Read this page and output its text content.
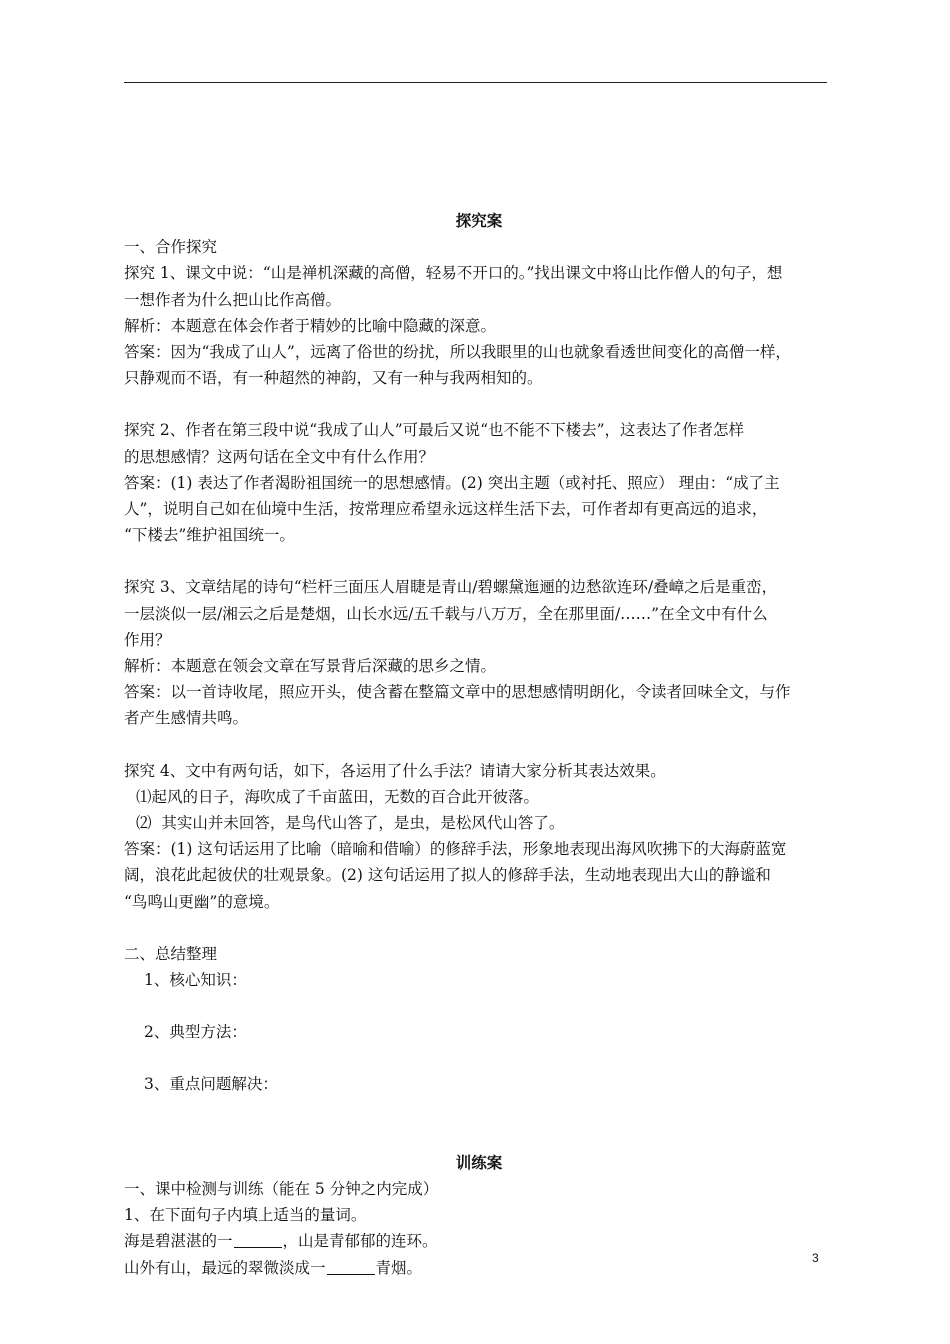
探究案
一、合作探究
探究 1、课文中说：“山是禅机深藏的高僧，轻易不开口的。”找出课文中将山比作僧人的句子，想
一想作者为什么把山比作高僧。
解析：本题意在体会作者于精妙的比喻中隐藏的深意。
答案：因为“我成了山人”，远离了俗世的纷扰，所以我眼里的山也就象看透世间变化的高僧一样，
只静观而不语，有一种超然的神韵，又有一种与我两相知的。
探究 2、作者在第三段中说“我成了山人”可最后又说“也不能不下楼去”，这表达了作者怎样
的思想感情？这两句话在全文中有什么作用？
答案：(1) 表达了作者渴盼祖国统一的思想感情。(2) 突出主题（或衬托、照应） 理由：“成了主
人”，说明自己如在仙境中生活，按常理应希望永远这样生活下去，可作者却有更高远的追求，
“下楼去”维护祖国统一。
探究 3、文章结尾的诗句“栏杆三面压人眉睫是青山/碧螺黛迤逦的边愁欲连环/叠嶂之后是重峦，
一层淡似一层/湘云之后是楚烟，山长水远/五千载与八万万，全在那里面/……”在全文中有什么
作用？
解析：本题意在领会文章在写景背后深藏的思乡之情。
答案：以一首诗收尾，照应开头，使含蓄在整篇文章中的思想感情明朗化，令读者回味全文，与作
者产生感情共鸣。
探究 4、文中有两句话，如下，各运用了什么手法？请请大家分析其表达效果。
⑴起风的日子，海吹成了千亩蓝田，无数的百合此开彼落。
⑵  其实山并未回答，是鸟代山答了，是虫，是松风代山答了。
答案：(1) 这句话运用了比喻（暗喻和借喻）的修辞手法，形象地表现出海风吹拂下的大海蔚蓝宽
阔，浪花此起彼伏的壮观景象。(2) 这句话运用了拟人的修辞手法，生动地表现出大山的静谧和
“鸟鸣山更幽”的意境。
二、总结整理
1、核心知识：
2、典型方法：
3、重点问题解决：
训练案
一、课中检测与训练（能在 5 分钟之内完成）
1、在下面句子内填上适当的量词。
海是碧湛湛的一	，山是青郁郁的连环。
山外有山，最远的翠微淡成一	青烟。
3
